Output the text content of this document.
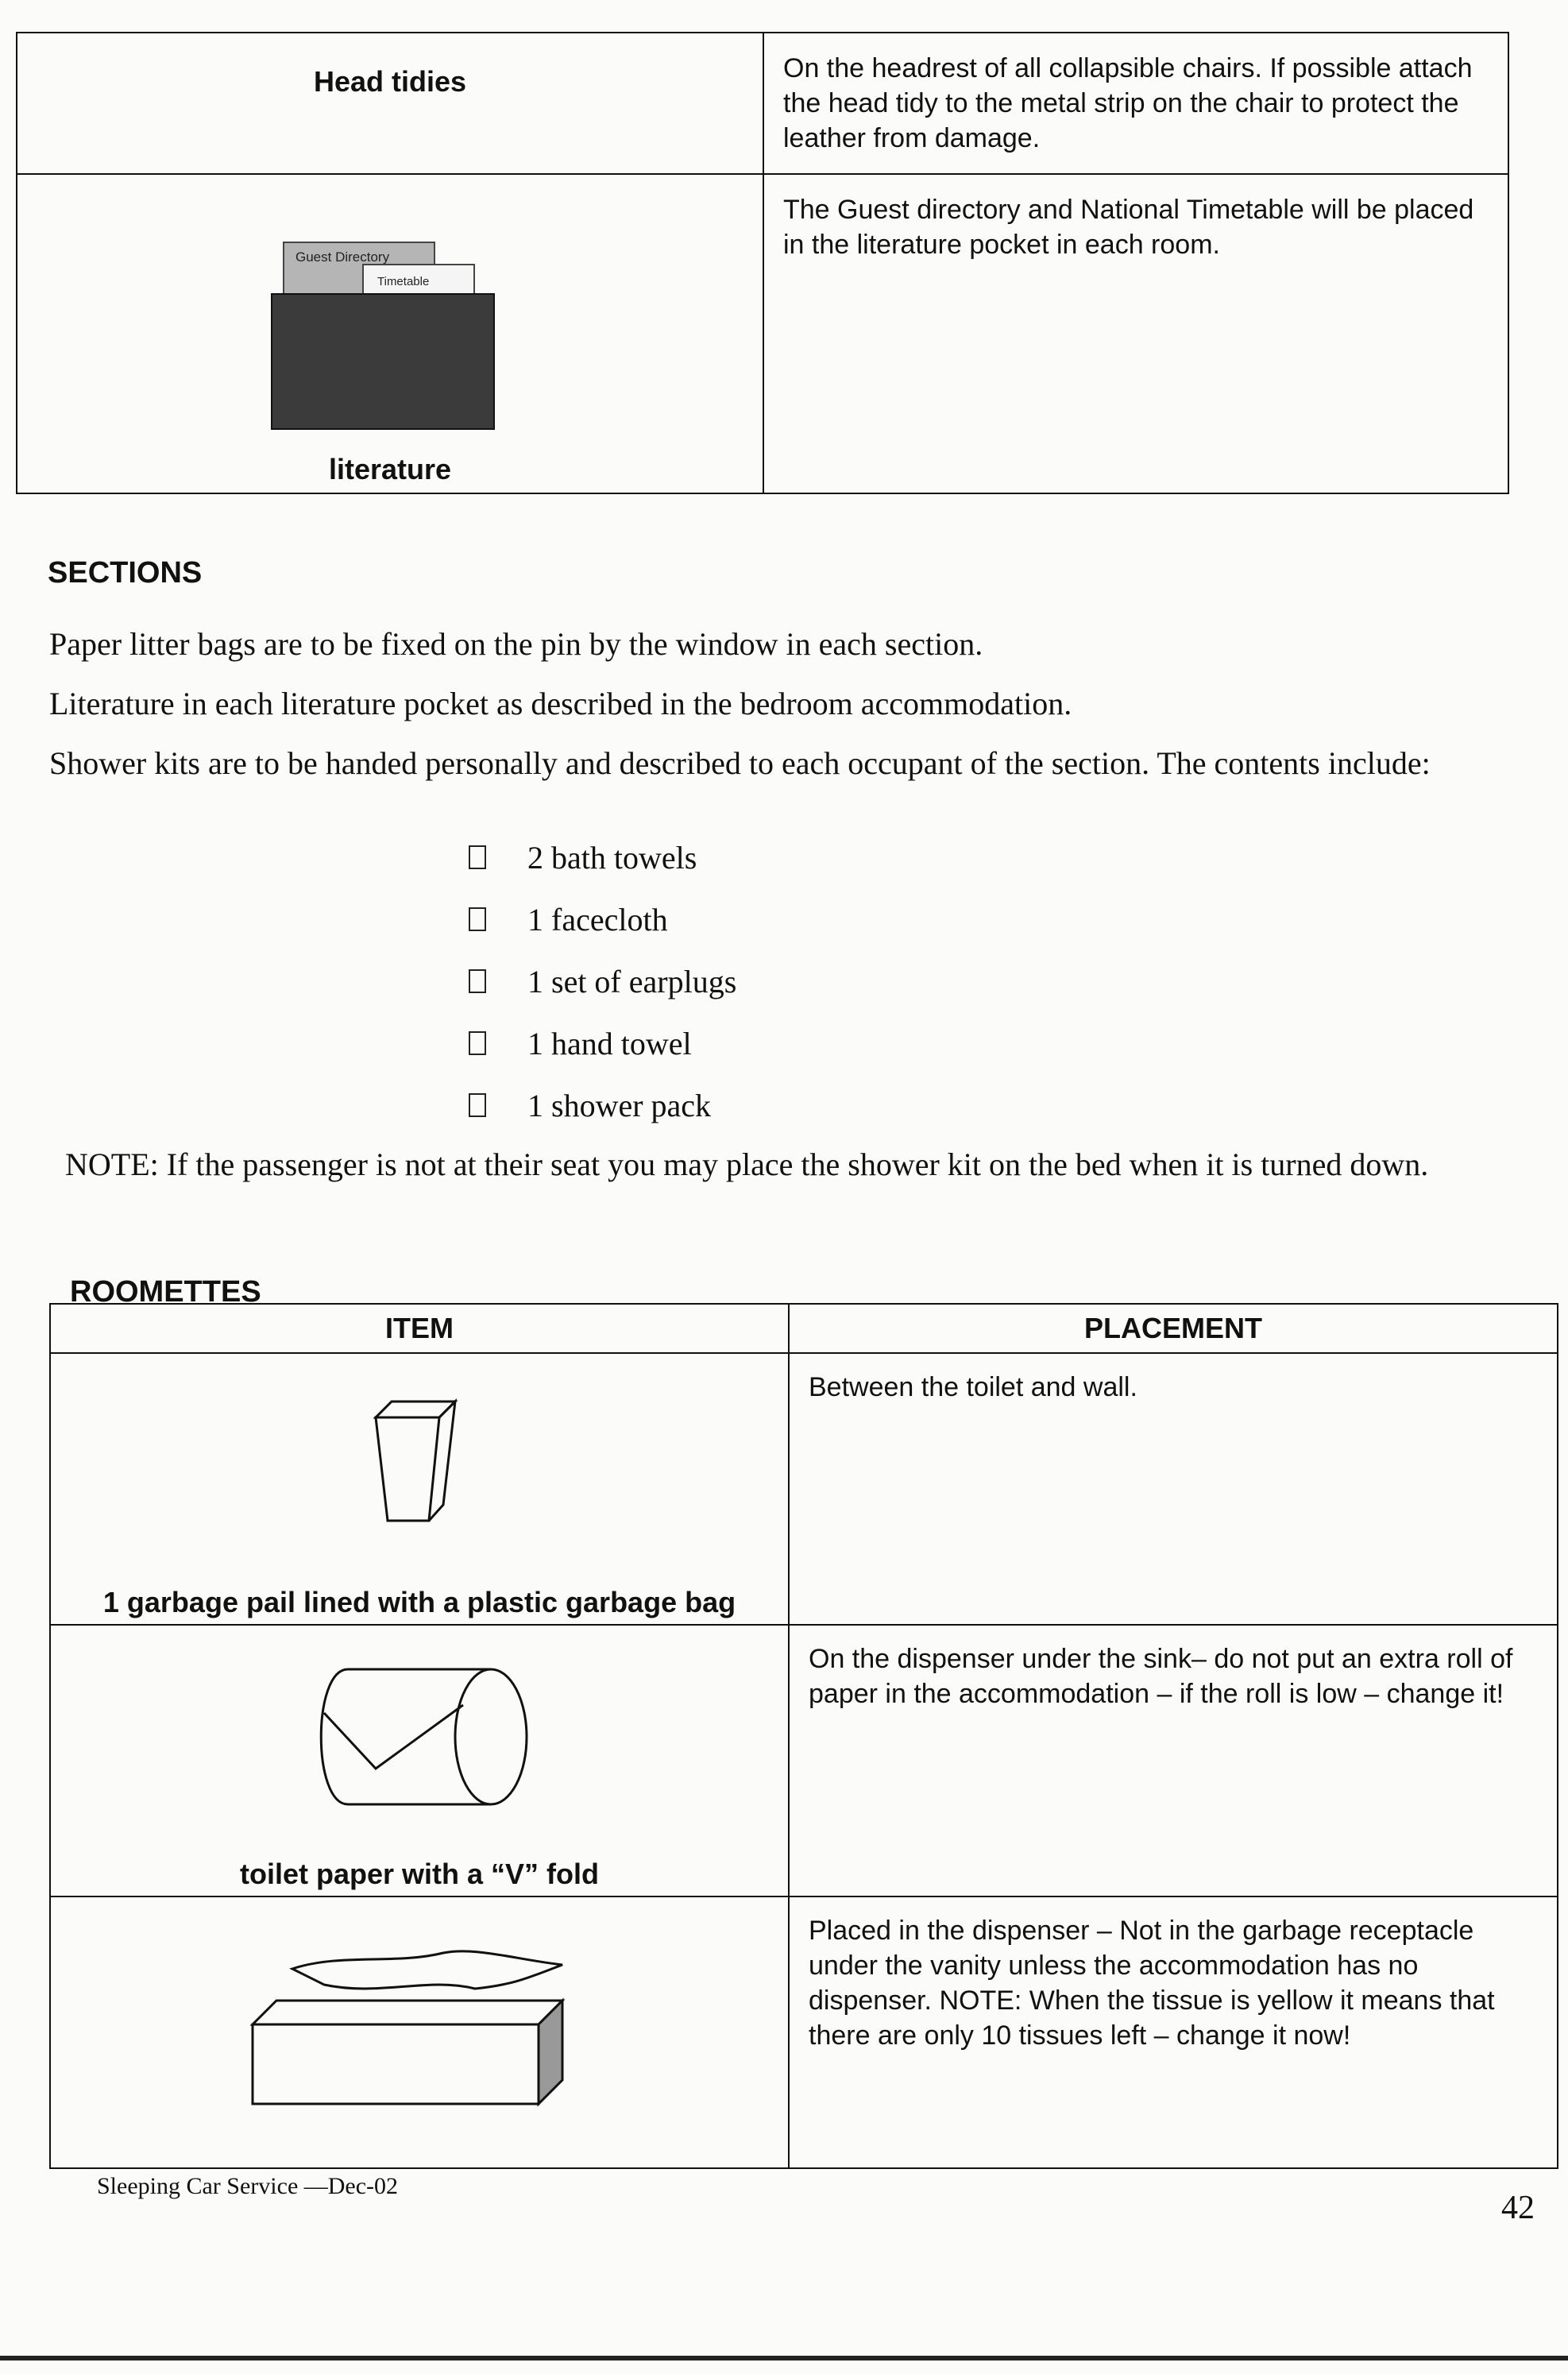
Head tidies	On the headrest of all collapsible chairs. If possible attach the head tidy to the metal strip on the chair to protect the leather from damage.

Guest Directory
Timetable
literature	The Guest directory and National Timetable will be placed in the literature pocket in each room.
SECTIONS
Paper litter bags are to be fixed on the pin by the window in each section.
Literature in each literature pocket as described in the bedroom accommodation.
Shower kits are to be handed personally and described to each occupant of the section. The contents include:
2 bath towels
1 facecloth
1 set of earplugs
1 hand towel
1 shower pack
NOTE: If the passenger is not at their seat you may place the shower kit on the bed when it is turned down.
ROOMETTES
ITEM	PLACEMENT

1 garbage pail lined with a plastic garbage bag	Between the toilet and wall.

toilet paper with a “V” fold	On the dispenser under the sink– do not put an extra roll of paper in the accommodation – if the roll is low – change it!

Placed in the dispenser – Not in the garbage receptacle under the vanity unless the accommodation has no dispenser. NOTE: When the tissue is yellow it means that there are only 10 tissues left – change it now!
Sleeping Car Service —Dec-02
42
